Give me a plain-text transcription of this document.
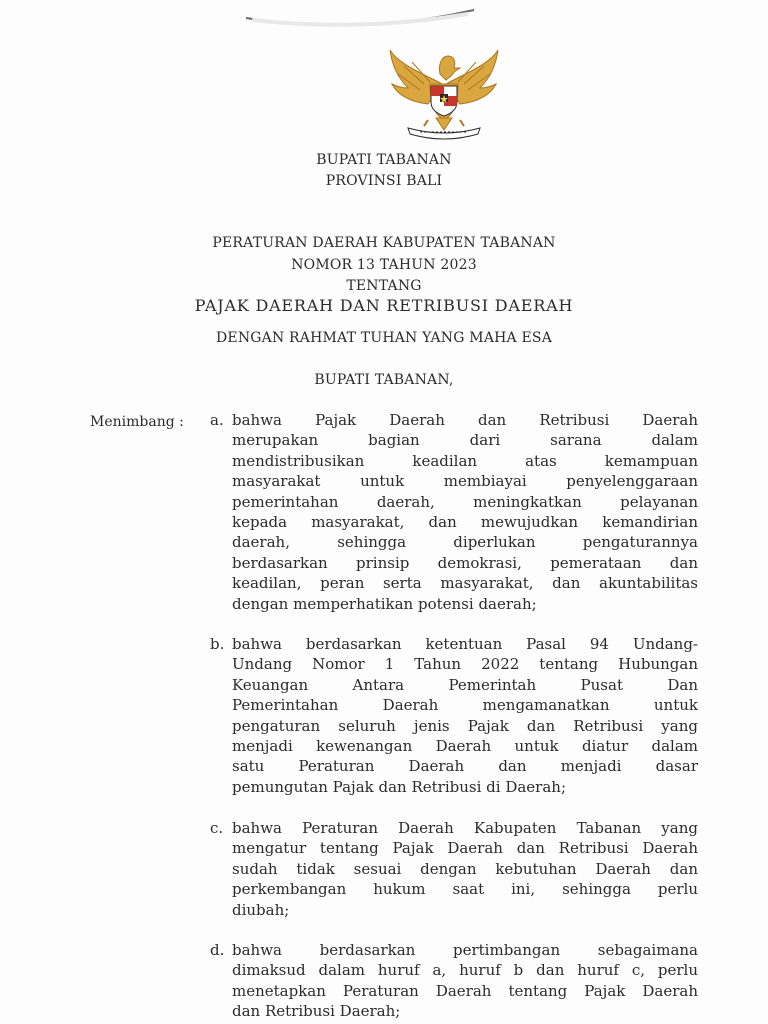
BUPATI TABANAN
PROVINSI BALI
PERATURAN DAERAH KABUPATEN TABANAN
NOMOR 13 TAHUN 2023
TENTANG
PAJAK DAERAH DAN RETRIBUSI DAERAH
DENGAN RAHMAT TUHAN YANG MAHA ESA
BUPATI TABANAN,
Menimbang : a. bahwa Pajak Daerah dan Retribusi Daerah
merupakan bagian dari sarana dalam
mendistribusikan keadilan atas kemampuan
masyarakat untuk membiayai penyelenggaraan
pemerintahan daerah, meningkatkan pelayanan
kepada masyarakat, dan mewujudkan kemandirian
daerah, sehingga diperlukan pengaturannya
berdasarkan prinsip demokrasi, pemerataan dan
keadilan, peran serta masyarakat, dan akuntabilitas
dengan memperhatikan potensi daerah;
b. bahwa berdasarkan ketentuan Pasal 94 Undang-
Undang Nomor 1 Tahun 2022 tentang Hubungan
Keuangan Antara Pemerintah Pusat Dan
Pemerintahan Daerah mengamanatkan untuk
pengaturan seluruh jenis Pajak dan Retribusi yang
menjadi kewenangan Daerah untuk diatur dalam
satu Peraturan Daerah dan menjadi dasar
pemungutan Pajak dan Retribusi di Daerah;
c. bahwa Peraturan Daerah Kabupaten Tabanan yang
mengatur tentang Pajak Daerah dan Retribusi Daerah
sudah tidak sesuai dengan kebutuhan Daerah dan
perkembangan hukum saat ini, sehingga perlu
diubah;
d. bahwa berdasarkan pertimbangan sebagaimana
dimaksud dalam huruf a, huruf b dan huruf c, perlu
menetapkan Peraturan Daerah tentang Pajak Daerah
dan Retribusi Daerah;
